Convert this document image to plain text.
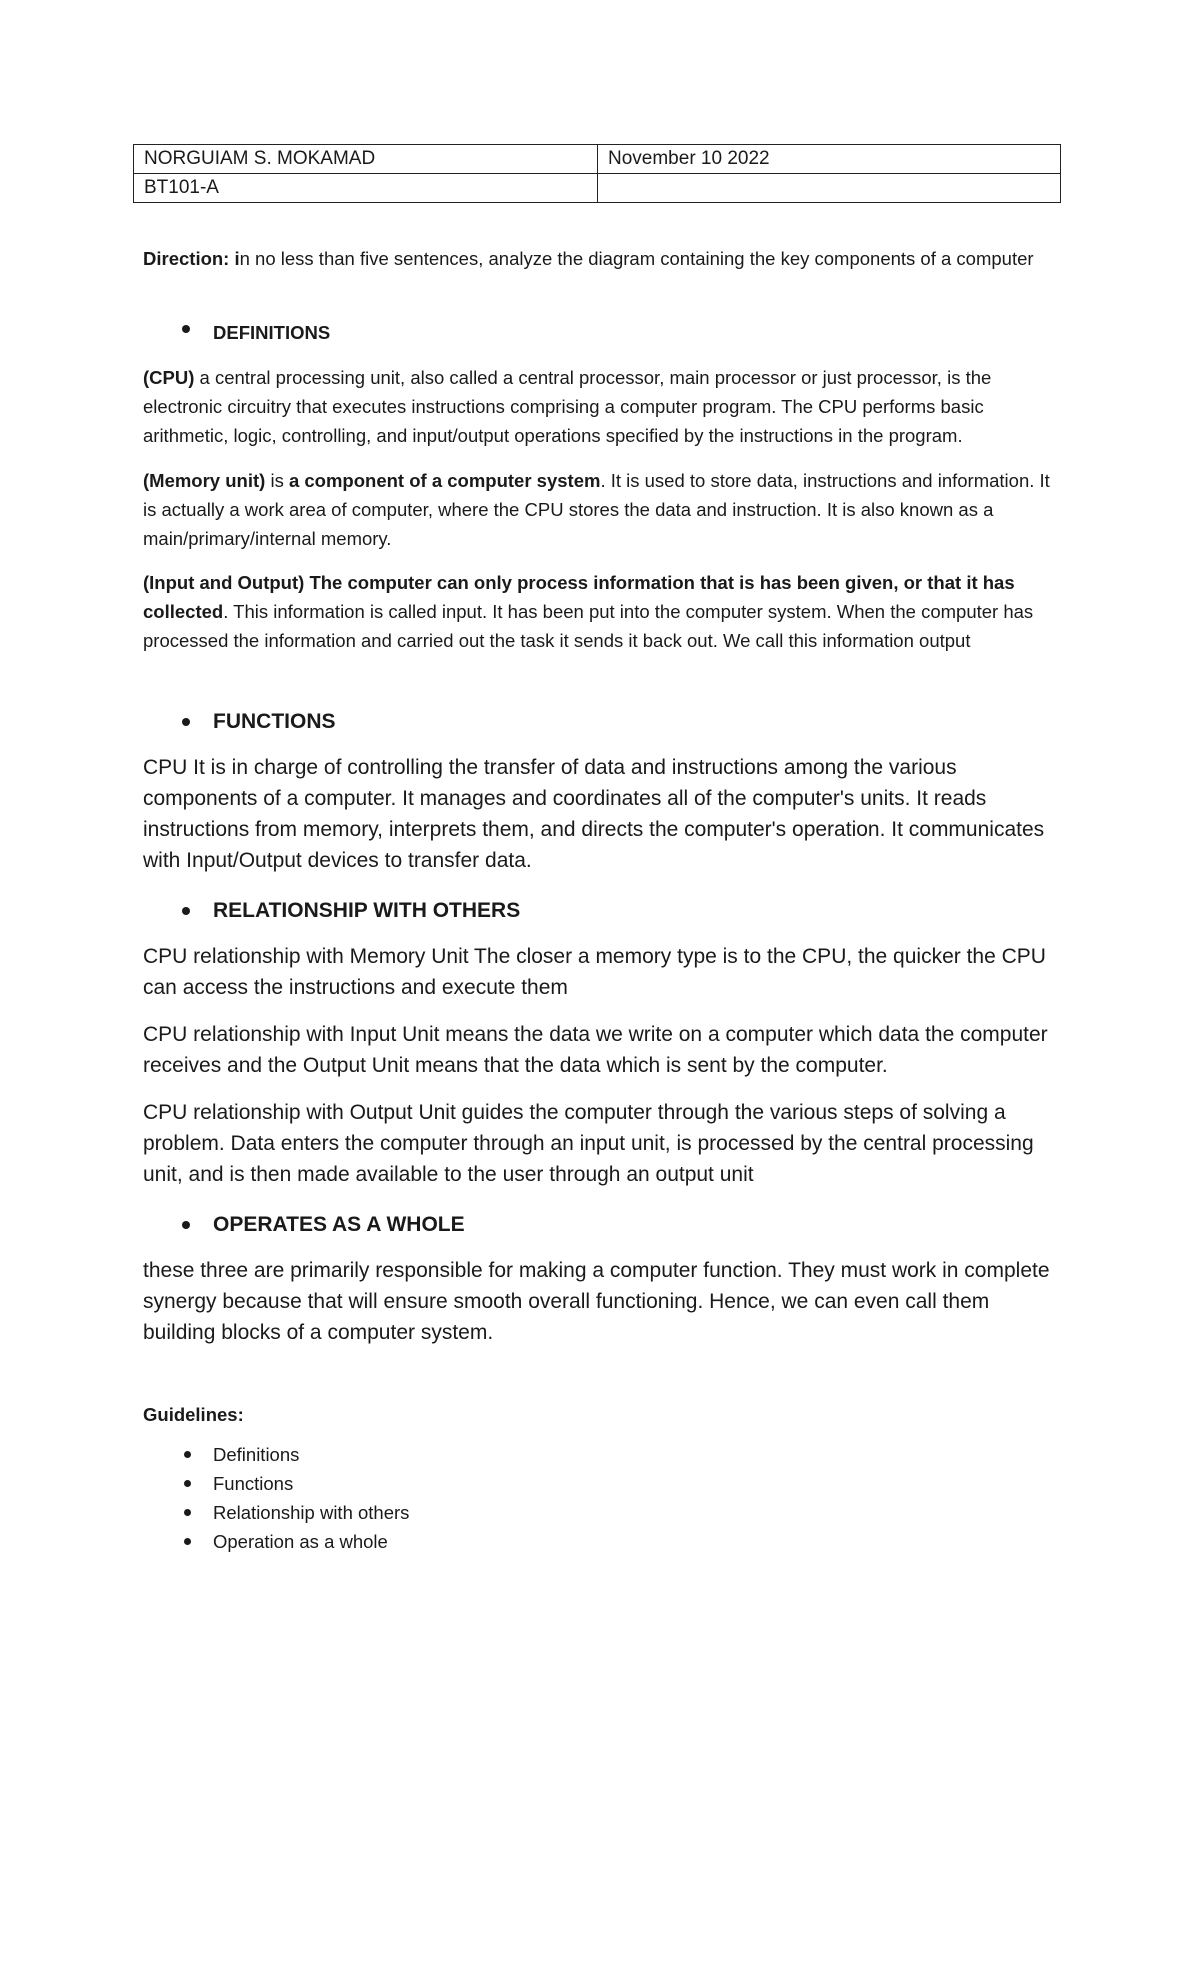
NORGUIAM S. MOKAMAD	November 10 2022
BT101-A	

Direction: in no less than five sentences, analyze the diagram containing the key components of a computer

DEFINITIONS

(CPU) a central processing unit, also called a central processor, main processor or just processor, is the electronic circuitry that executes instructions comprising a computer program. The CPU performs basic arithmetic, logic, controlling, and input/output operations specified by the instructions in the program.

(Memory unit) is a component of a computer system. It is used to store data, instructions and information. It is actually a work area of computer, where the CPU stores the data and instruction. It is also known as a main/primary/internal memory.

(Input and Output) The computer can only process information that is has been given, or that it has collected. This information is called input. It has been put into the computer system. When the computer has processed the information and carried out the task it sends it back out. We call this information output

FUNCTIONS

CPU It is in charge of controlling the transfer of data and instructions among the various components of a computer. It manages and coordinates all of the computer's units. It reads instructions from memory, interprets them, and directs the computer's operation. It communicates with Input/Output devices to transfer data.

RELATIONSHIP WITH OTHERS

CPU relationship with Memory Unit The closer a memory type is to the CPU, the quicker the CPU can access the instructions and execute them

CPU relationship with Input Unit means the data we write on a computer which data the computer receives and the Output Unit means that the data which is sent by the computer.

CPU relationship with Output Unit guides the computer through the various steps of solving a problem. Data enters the computer through an input unit, is processed by the central processing unit, and is then made available to the user through an output unit

OPERATES AS A WHOLE

these three are primarily responsible for making a computer function. They must work in complete synergy because that will ensure smooth overall functioning. Hence, we can even call them building blocks of a computer system.

Guidelines:

Definitions
Functions
Relationship with others
Operation as a whole
